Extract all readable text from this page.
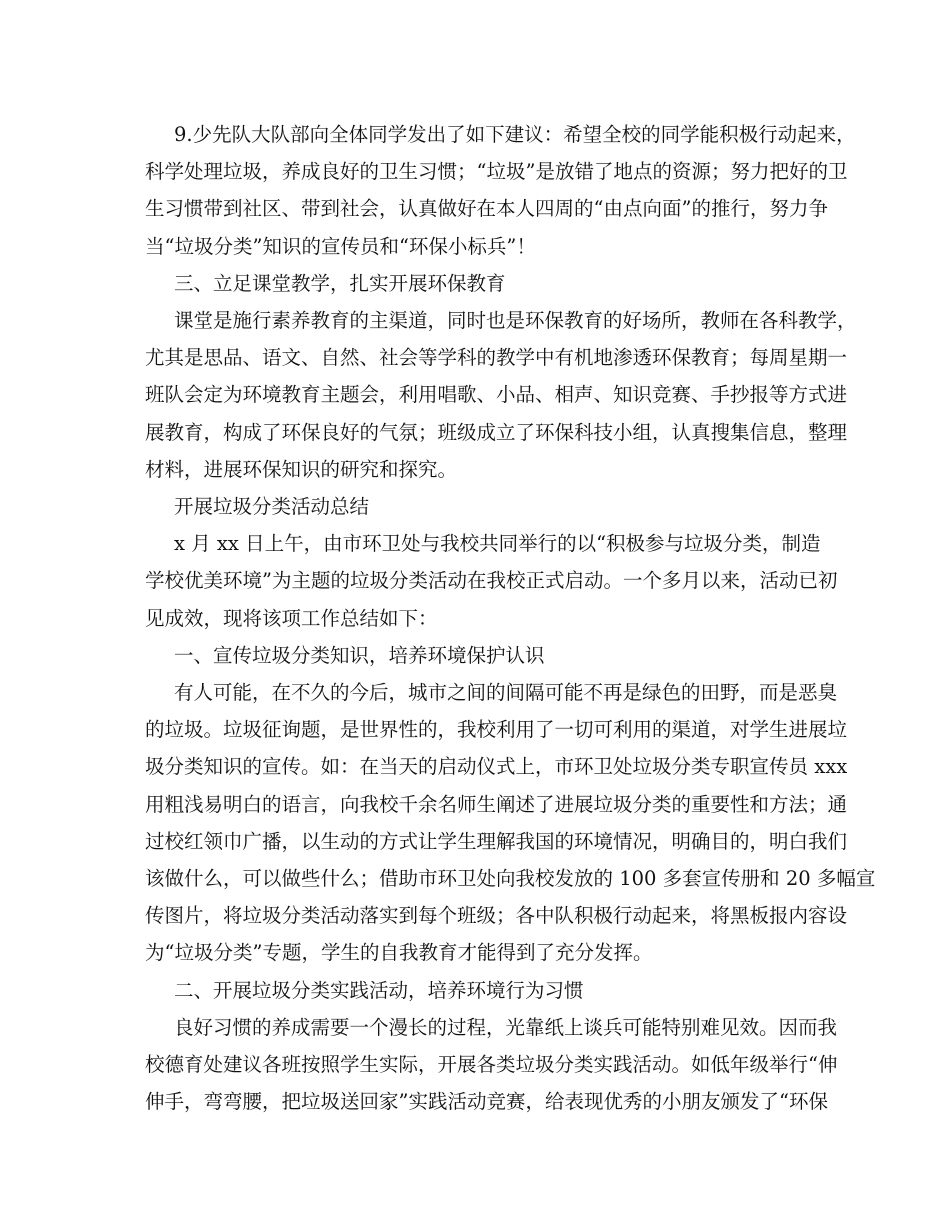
9.少先队大队部向全体同学发出了如下建议：希望全校的同学能积极行动起来，
科学处理垃圾，养成良好的卫生习惯；“垃圾”是放错了地点的资源；努力把好的卫
生习惯带到社区、带到社会，认真做好在本人四周的“由点向面”的推行，努力争
当“垃圾分类”知识的宣传员和“环保小标兵”！

三、立足课堂教学，扎实开展环保教育

课堂是施行素养教育的主渠道，同时也是环保教育的好场所，教师在各科教学，
尤其是思品、语文、自然、社会等学科的教学中有机地渗透环保教育；每周星期一
班队会定为环境教育主题会，利用唱歌、小品、相声、知识竞赛、手抄报等方式进
展教育，构成了环保良好的气氛；班级成立了环保科技小组，认真搜集信息，整理
材料，进展环保知识的研究和探究。

开展垃圾分类活动总结

x 月 xx 日上午，由市环卫处与我校共同举行的以“积极参与垃圾分类，制造
学校优美环境”为主题的垃圾分类活动在我校正式启动。一个多月以来，活动已初
见成效，现将该项工作总结如下：

一、宣传垃圾分类知识，培养环境保护认识

有人可能，在不久的今后，城市之间的间隔可能不再是绿色的田野，而是恶臭
的垃圾。垃圾征询题，是世界性的，我校利用了一切可利用的渠道，对学生进展垃
圾分类知识的宣传。如：在当天的启动仪式上，市环卫处垃圾分类专职宣传员 xxx
用粗浅易明白的语言，向我校千余名师生阐述了进展垃圾分类的重要性和方法；通
过校红领巾广播，以生动的方式让学生理解我国的环境情况，明确目的，明白我们
该做什么，可以做些什么；借助市环卫处向我校发放的 100 多套宣传册和 20 多幅宣
传图片，将垃圾分类活动落实到每个班级；各中队积极行动起来，将黑板报内容设
为“垃圾分类”专题，学生的自我教育才能得到了充分发挥。

二、开展垃圾分类实践活动，培养环境行为习惯

良好习惯的养成需要一个漫长的过程，光靠纸上谈兵可能特别难见效。因而我
校德育处建议各班按照学生实际，开展各类垃圾分类实践活动。如低年级举行“伸
伸手，弯弯腰，把垃圾送回家”实践活动竞赛，给表现优秀的小朋友颁发了“环保
